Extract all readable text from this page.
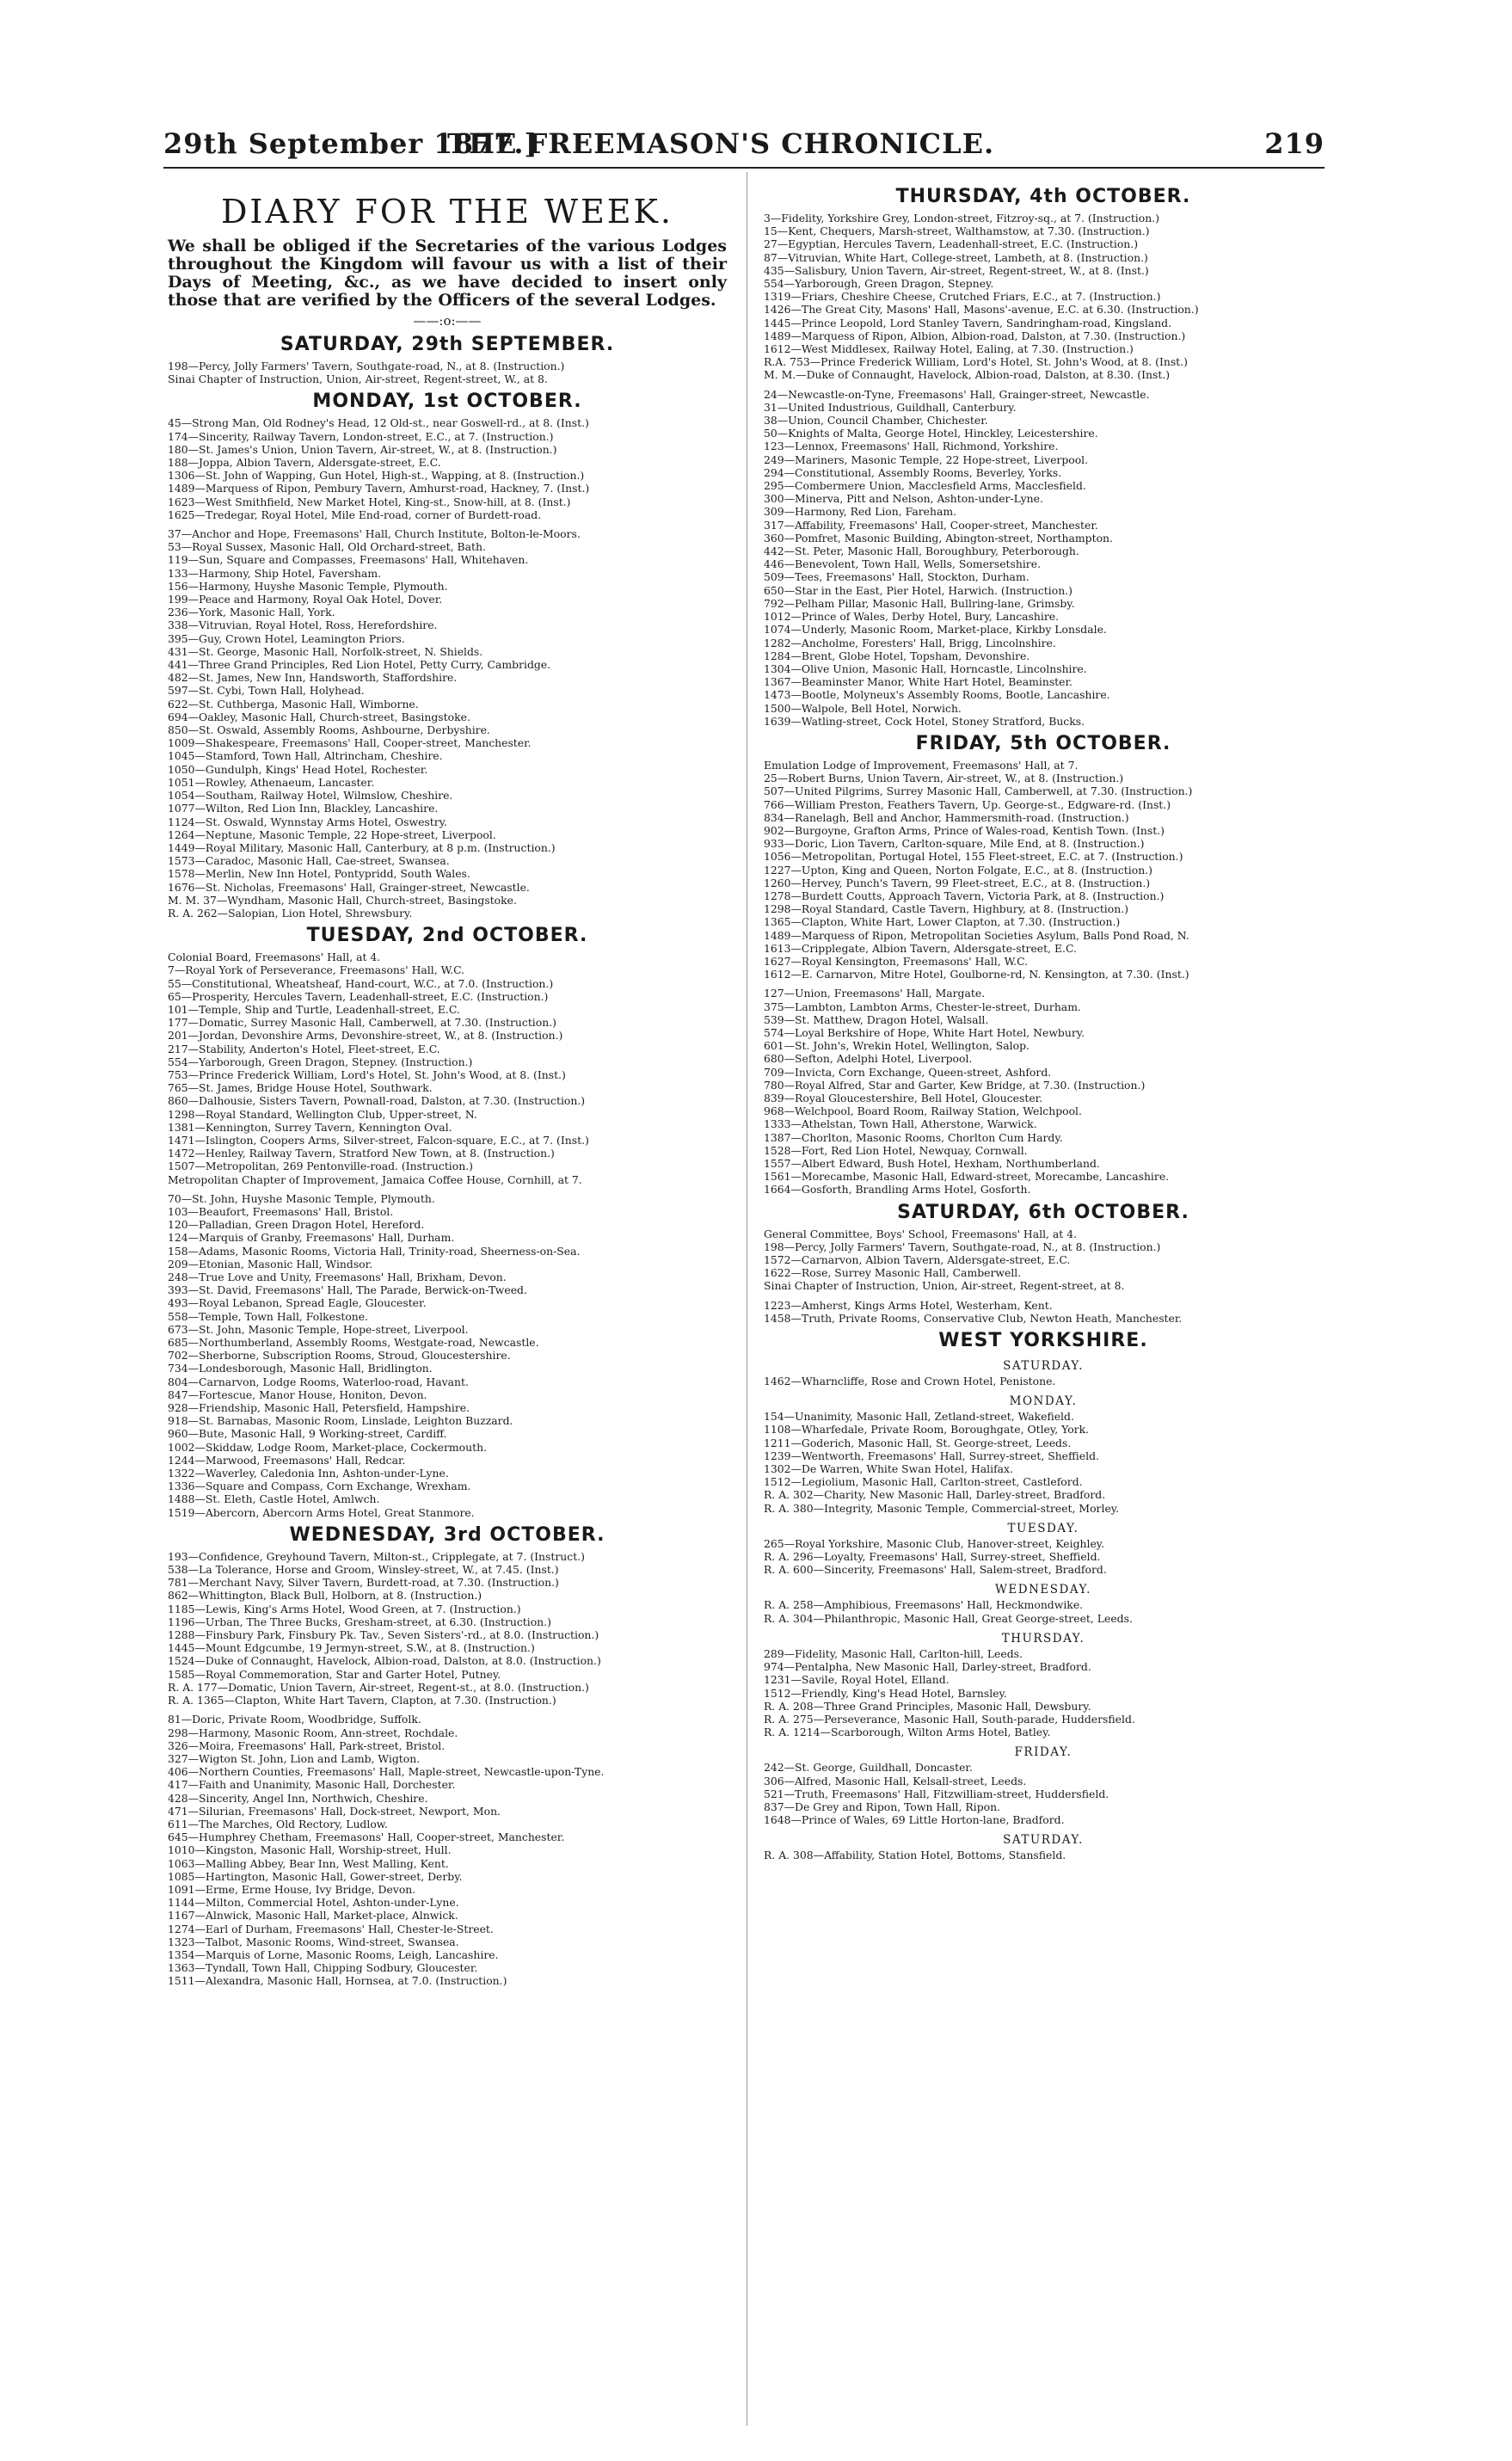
29th September 1877.]
THE FREEMASON'S CHRONICLE.	219
DIARY FOR THE WEEK.
We shall be obliged if the Secretaries of the various Lodges throughout the Kingdom will favour us with a list of their Days of Meeting, &c., as we have decided to insert only those that are verified by the Officers of the several Lodges.
——:o:——
SATURDAY, 29th SEPTEMBER.
198—Percy, Jolly Farmers' Tavern, Southgate-road, N., at 8. (Instruction.)
Sinai Chapter of Instruction, Union, Air-street, Regent-street, W., at 8.
MONDAY, 1st OCTOBER.
45—Strong Man, Old Rodney's Head, 12 Old-st., near Goswell-rd., at 8. (Inst.)
174—Sincerity, Railway Tavern, London-street, E.C., at 7. (Instruction.)
180—St. James's Union, Union Tavern, Air-street, W., at 8. (Instruction.)
188—Joppa, Albion Tavern, Aldersgate-street, E.C.
1306—St. John of Wapping, Gun Hotel, High-st., Wapping, at 8. (Instruction.)
1489—Marquess of Ripon, Pembury Tavern, Amhurst-road, Hackney, 7. (Inst.)
1623—West Smithfield, New Market Hotel, King-st., Snow-hill, at 8. (Inst.)
1625—Tredegar, Royal Hotel, Mile End-road, corner of Burdett-road.
37—Anchor and Hope, Freemasons' Hall, Church Institute, Bolton-le-Moors.
53—Royal Sussex, Masonic Hall, Old Orchard-street, Bath.
119—Sun, Square and Compasses, Freemasons' Hall, Whitehaven.
133—Harmony, Ship Hotel, Faversham.
156—Harmony, Huyshe Masonic Temple, Plymouth.
199—Peace and Harmony, Royal Oak Hotel, Dover.
236—York, Masonic Hall, York.
338—Vitruvian, Royal Hotel, Ross, Herefordshire.
395—Guy, Crown Hotel, Leamington Priors.
431—St. George, Masonic Hall, Norfolk-street, N. Shields.
441—Three Grand Principles, Red Lion Hotel, Petty Curry, Cambridge.
482—St. James, New Inn, Handsworth, Staffordshire.
597—St. Cybi, Town Hall, Holyhead.
622—St. Cuthberga, Masonic Hall, Wimborne.
694—Oakley, Masonic Hall, Church-street, Basingstoke.
850—St. Oswald, Assembly Rooms, Ashbourne, Derbyshire.
1009—Shakespeare, Freemasons' Hall, Cooper-street, Manchester.
1045—Stamford, Town Hall, Altrincham, Cheshire.
1050—Gundulph, Kings' Head Hotel, Rochester.
1051—Rowley, Athenaeum, Lancaster.
1054—Southam, Railway Hotel, Wilmslow, Cheshire.
1077—Wilton, Red Lion Inn, Blackley, Lancashire.
1124—St. Oswald, Wynnstay Arms Hotel, Oswestry.
1264—Neptune, Masonic Temple, 22 Hope-street, Liverpool.
1449—Royal Military, Masonic Hall, Canterbury, at 8 p.m. (Instruction.)
1573—Caradoc, Masonic Hall, Cae-street, Swansea.
1578—Merlin, New Inn Hotel, Pontypridd, South Wales.
1676—St. Nicholas, Freemasons' Hall, Grainger-street, Newcastle.
M. M. 37—Wyndham, Masonic Hall, Church-street, Basingstoke.
R. A. 262—Salopian, Lion Hotel, Shrewsbury.
TUESDAY, 2nd OCTOBER.
Colonial Board, Freemasons' Hall, at 4.
7—Royal York of Perseverance, Freemasons' Hall, W.C.
55—Constitutional, Wheatsheaf, Hand-court, W.C., at 7.0. (Instruction.)
65—Prosperity, Hercules Tavern, Leadenhall-street, E.C. (Instruction.)
101—Temple, Ship and Turtle, Leadenhall-street, E.C.
177—Domatic, Surrey Masonic Hall, Camberwell, at 7.30. (Instruction.)
201—Jordan, Devonshire Arms, Devonshire-street, W., at 8. (Instruction.)
217—Stability, Anderton's Hotel, Fleet-street, E.C.
554—Yarborough, Green Dragon, Stepney. (Instruction.)
753—Prince Frederick William, Lord's Hotel, St. John's Wood, at 8. (Inst.)
765—St. James, Bridge House Hotel, Southwark.
860—Dalhousie, Sisters Tavern, Pownall-road, Dalston, at 7.30. (Instruction.)
1298—Royal Standard, Wellington Club, Upper-street, N.
1381—Kennington, Surrey Tavern, Kennington Oval.
1471—Islington, Coopers Arms, Silver-street, Falcon-square, E.C., at 7. (Inst.)
1472—Henley, Railway Tavern, Stratford New Town, at 8. (Instruction.)
1507—Metropolitan, 269 Pentonville-road. (Instruction.)
Metropolitan Chapter of Improvement, Jamaica Coffee House, Cornhill, at 7.
70—St. John, Huyshe Masonic Temple, Plymouth.
103—Beaufort, Freemasons' Hall, Bristol.
120—Palladian, Green Dragon Hotel, Hereford.
124—Marquis of Granby, Freemasons' Hall, Durham.
158—Adams, Masonic Rooms, Victoria Hall, Trinity-road, Sheerness-on-Sea.
209—Etonian, Masonic Hall, Windsor.
248—True Love and Unity, Freemasons' Hall, Brixham, Devon.
393—St. David, Freemasons' Hall, The Parade, Berwick-on-Tweed.
493—Royal Lebanon, Spread Eagle, Gloucester.
558—Temple, Town Hall, Folkestone.
673—St. John, Masonic Temple, Hope-street, Liverpool.
685—Northumberland, Assembly Rooms, Westgate-road, Newcastle.
702—Sherborne, Subscription Rooms, Stroud, Gloucestershire.
734—Londesborough, Masonic Hall, Bridlington.
804—Carnarvon, Lodge Rooms, Waterloo-road, Havant.
847—Fortescue, Manor House, Honiton, Devon.
928—Friendship, Masonic Hall, Petersfield, Hampshire.
918—St. Barnabas, Masonic Room, Linslade, Leighton Buzzard.
960—Bute, Masonic Hall, 9 Working-street, Cardiff.
1002—Skiddaw, Lodge Room, Market-place, Cockermouth.
1244—Marwood, Freemasons' Hall, Redcar.
1322—Waverley, Caledonia Inn, Ashton-under-Lyne.
1336—Square and Compass, Corn Exchange, Wrexham.
1488—St. Eleth, Castle Hotel, Amlwch.
1519—Abercorn, Abercorn Arms Hotel, Great Stanmore.
WEDNESDAY, 3rd OCTOBER.
193—Confidence, Greyhound Tavern, Milton-st., Cripplegate, at 7. (Instruct.)
538—La Tolerance, Horse and Groom, Winsley-street, W., at 7.45. (Inst.)
781—Merchant Navy, Silver Tavern, Burdett-road, at 7.30. (Instruction.)
862—Whittington, Black Bull, Holborn, at 8. (Instruction.)
1185—Lewis, King's Arms Hotel, Wood Green, at 7. (Instruction.)
1196—Urban, The Three Bucks, Gresham-street, at 6.30. (Instruction.)
1288—Finsbury Park, Finsbury Pk. Tav., Seven Sisters'-rd., at 8.0. (Instruction.)
1445—Mount Edgcumbe, 19 Jermyn-street, S.W., at 8. (Instruction.)
1524—Duke of Connaught, Havelock, Albion-road, Dalston, at 8.0. (Instruction.)
1585—Royal Commemoration, Star and Garter Hotel, Putney.
R. A. 177—Domatic, Union Tavern, Air-street, Regent-st., at 8.0. (Instruction.)
R. A. 1365—Clapton, White Hart Tavern, Clapton, at 7.30. (Instruction.)
81—Doric, Private Room, Woodbridge, Suffolk.
298—Harmony, Masonic Room, Ann-street, Rochdale.
326—Moira, Freemasons' Hall, Park-street, Bristol.
327—Wigton St. John, Lion and Lamb, Wigton.
406—Northern Counties, Freemasons' Hall, Maple-street, Newcastle-upon-Tyne.
417—Faith and Unanimity, Masonic Hall, Dorchester.
428—Sincerity, Angel Inn, Northwich, Cheshire.
471—Silurian, Freemasons' Hall, Dock-street, Newport, Mon.
611—The Marches, Old Rectory, Ludlow.
645—Humphrey Chetham, Freemasons' Hall, Cooper-street, Manchester.
1010—Kingston, Masonic Hall, Worship-street, Hull.
1063—Malling Abbey, Bear Inn, West Malling, Kent.
1085—Hartington, Masonic Hall, Gower-street, Derby.
1091—Erme, Erme House, Ivy Bridge, Devon.
1144—Milton, Commercial Hotel, Ashton-under-Lyne.
1167—Alnwick, Masonic Hall, Market-place, Alnwick.
1274—Earl of Durham, Freemasons' Hall, Chester-le-Street.
1323—Talbot, Masonic Rooms, Wind-street, Swansea.
1354—Marquis of Lorne, Masonic Rooms, Leigh, Lancashire.
1363—Tyndall, Town Hall, Chipping Sodbury, Gloucester.
1511—Alexandra, Masonic Hall, Hornsea, at 7.0. (Instruction.)
THURSDAY, 4th OCTOBER.
3—Fidelity, Yorkshire Grey, London-street, Fitzroy-sq., at 7. (Instruction.)
15—Kent, Chequers, Marsh-street, Walthamstow, at 7.30. (Instruction.)
27—Egyptian, Hercules Tavern, Leadenhall-street, E.C. (Instruction.)
87—Vitruvian, White Hart, College-street, Lambeth, at 8. (Instruction.)
435—Salisbury, Union Tavern, Air-street, Regent-street, W., at 8. (Inst.)
554—Yarborough, Green Dragon, Stepney.
1319—Friars, Cheshire Cheese, Crutched Friars, E.C., at 7. (Instruction.)
1426—The Great City, Masons' Hall, Masons'-avenue, E.C. at 6.30. (Instruction.)
1445—Prince Leopold, Lord Stanley Tavern, Sandringham-road, Kingsland.
1489—Marquess of Ripon, Albion, Albion-road, Dalston, at 7.30. (Instruction.)
1612—West Middlesex, Railway Hotel, Ealing, at 7.30. (Instruction.)
R.A. 753—Prince Frederick William, Lord's Hotel, St. John's Wood, at 8. (Inst.)
M. M.—Duke of Connaught, Havelock, Albion-road, Dalston, at 8.30. (Inst.)
24—Newcastle-on-Tyne, Freemasons' Hall, Grainger-street, Newcastle.
31—United Industrious, Guildhall, Canterbury.
38—Union, Council Chamber, Chichester.
50—Knights of Malta, George Hotel, Hinckley, Leicestershire.
123—Lennox, Freemasons' Hall, Richmond, Yorkshire.
249—Mariners, Masonic Temple, 22 Hope-street, Liverpool.
294—Constitutional, Assembly Rooms, Beverley, Yorks.
295—Combermere Union, Macclesfield Arms, Macclesfield.
300—Minerva, Pitt and Nelson, Ashton-under-Lyne.
309—Harmony, Red Lion, Fareham.
317—Affability, Freemasons' Hall, Cooper-street, Manchester.
360—Pomfret, Masonic Building, Abington-street, Northampton.
442—St. Peter, Masonic Hall, Boroughbury, Peterborough.
446—Benevolent, Town Hall, Wells, Somersetshire.
509—Tees, Freemasons' Hall, Stockton, Durham.
650—Star in the East, Pier Hotel, Harwich. (Instruction.)
792—Pelham Pillar, Masonic Hall, Bullring-lane, Grimsby.
1012—Prince of Wales, Derby Hotel, Bury, Lancashire.
1074—Underly, Masonic Room, Market-place, Kirkby Lonsdale.
1282—Ancholme, Foresters' Hall, Brigg, Lincolnshire.
1284—Brent, Globe Hotel, Topsham, Devonshire.
1304—Olive Union, Masonic Hall, Horncastle, Lincolnshire.
1367—Beaminster Manor, White Hart Hotel, Beaminster.
1473—Bootle, Molyneux's Assembly Rooms, Bootle, Lancashire.
1500—Walpole, Bell Hotel, Norwich.
1639—Watling-street, Cock Hotel, Stoney Stratford, Bucks.
FRIDAY, 5th OCTOBER.
Emulation Lodge of Improvement, Freemasons' Hall, at 7.
25—Robert Burns, Union Tavern, Air-street, W., at 8. (Instruction.)
507—United Pilgrims, Surrey Masonic Hall, Camberwell, at 7.30. (Instruction.)
766—William Preston, Feathers Tavern, Up. George-st., Edgware-rd. (Inst.)
834—Ranelagh, Bell and Anchor, Hammersmith-road. (Instruction.)
902—Burgoyne, Grafton Arms, Prince of Wales-road, Kentish Town. (Inst.)
933—Doric, Lion Tavern, Carlton-square, Mile End, at 8. (Instruction.)
1056—Metropolitan, Portugal Hotel, 155 Fleet-street, E.C. at 7. (Instruction.)
1227—Upton, King and Queen, Norton Folgate, E.C., at 8. (Instruction.)
1260—Hervey, Punch's Tavern, 99 Fleet-street, E.C., at 8. (Instruction.)
1278—Burdett Coutts, Approach Tavern, Victoria Park, at 8. (Instruction.)
1298—Royal Standard, Castle Tavern, Highbury, at 8. (Instruction.)
1365—Clapton, White Hart, Lower Clapton, at 7.30. (Instruction.)
1489—Marquess of Ripon, Metropolitan Societies Asylum, Balls Pond Road, N.
1613—Cripplegate, Albion Tavern, Aldersgate-street, E.C.
1627—Royal Kensington, Freemasons' Hall, W.C.
1612—E. Carnarvon, Mitre Hotel, Goulborne-rd, N. Kensington, at 7.30. (Inst.)
127—Union, Freemasons' Hall, Margate.
375—Lambton, Lambton Arms, Chester-le-street, Durham.
539—St. Matthew, Dragon Hotel, Walsall.
574—Loyal Berkshire of Hope, White Hart Hotel, Newbury.
601—St. John's, Wrekin Hotel, Wellington, Salop.
680—Sefton, Adelphi Hotel, Liverpool.
709—Invicta, Corn Exchange, Queen-street, Ashford.
780—Royal Alfred, Star and Garter, Kew Bridge, at 7.30. (Instruction.)
839—Royal Gloucestershire, Bell Hotel, Gloucester.
968—Welchpool, Board Room, Railway Station, Welchpool.
1333—Athelstan, Town Hall, Atherstone, Warwick.
1387—Chorlton, Masonic Rooms, Chorlton Cum Hardy.
1528—Fort, Red Lion Hotel, Newquay, Cornwall.
1557—Albert Edward, Bush Hotel, Hexham, Northumberland.
1561—Morecambe, Masonic Hall, Edward-street, Morecambe, Lancashire.
1664—Gosforth, Brandling Arms Hotel, Gosforth.
SATURDAY, 6th OCTOBER.
General Committee, Boys' School, Freemasons' Hall, at 4.
198—Percy, Jolly Farmers' Tavern, Southgate-road, N., at 8. (Instruction.)
1572—Carnarvon, Albion Tavern, Aldersgate-street, E.C.
1622—Rose, Surrey Masonic Hall, Camberwell.
Sinai Chapter of Instruction, Union, Air-street, Regent-street, at 8.
1223—Amherst, Kings Arms Hotel, Westerham, Kent.
1458—Truth, Private Rooms, Conservative Club, Newton Heath, Manchester.
WEST YORKSHIRE.
SATURDAY.
1462—Wharncliffe, Rose and Crown Hotel, Penistone.
MONDAY.
154—Unanimity, Masonic Hall, Zetland-street, Wakefield.
1108—Wharfedale, Private Room, Boroughgate, Otley, York.
1211—Goderich, Masonic Hall, St. George-street, Leeds.
1239—Wentworth, Freemasons' Hall, Surrey-street, Sheffield.
1302—De Warren, White Swan Hotel, Halifax.
1512—Legiolium, Masonic Hall, Carlton-street, Castleford.
R. A. 302—Charity, New Masonic Hall, Darley-street, Bradford.
R. A. 380—Integrity, Masonic Temple, Commercial-street, Morley.
TUESDAY.
265—Royal Yorkshire, Masonic Club, Hanover-street, Keighley.
R. A. 296—Loyalty, Freemasons' Hall, Surrey-street, Sheffield.
R. A. 600—Sincerity, Freemasons' Hall, Salem-street, Bradford.
WEDNESDAY.
R. A. 258—Amphibious, Freemasons' Hall, Heckmondwike.
R. A. 304—Philanthropic, Masonic Hall, Great George-street, Leeds.
THURSDAY.
289—Fidelity, Masonic Hall, Carlton-hill, Leeds.
974—Pentalpha, New Masonic Hall, Darley-street, Bradford.
1231—Savile, Royal Hotel, Elland.
1512—Friendly, King's Head Hotel, Barnsley.
R. A. 208—Three Grand Principles, Masonic Hall, Dewsbury.
R. A. 275—Perseverance, Masonic Hall, South-parade, Huddersfield.
R. A. 1214—Scarborough, Wilton Arms Hotel, Batley.
FRIDAY.
242—St. George, Guildhall, Doncaster.
306—Alfred, Masonic Hall, Kelsall-street, Leeds.
521—Truth, Freemasons' Hall, Fitzwilliam-street, Huddersfield.
837—De Grey and Ripon, Town Hall, Ripon.
1648—Prince of Wales, 69 Little Horton-lane, Bradford.
SATURDAY.
R. A. 308—Affability, Station Hotel, Bottoms, Stansfield.
